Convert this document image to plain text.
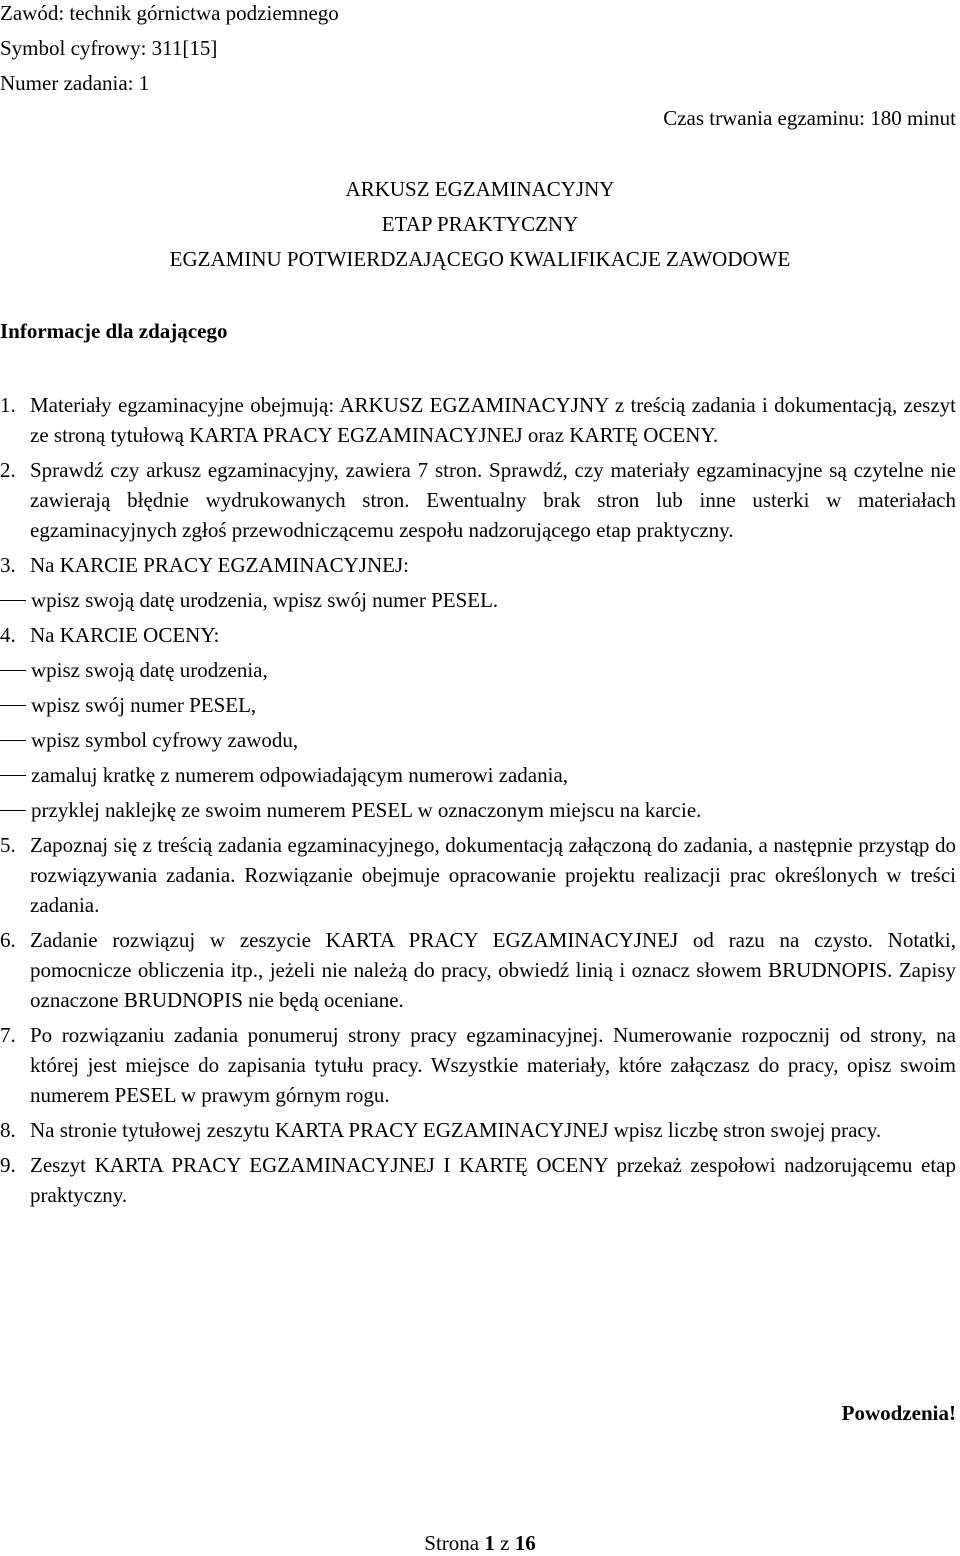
Zawód: technik górnictwa podziemnego
Symbol cyfrowy: 311[15]
Numer zadania: 1
Czas trwania egzaminu: 180 minut
ARKUSZ EGZAMINACYJNY
ETAP PRAKTYCZNY
EGZAMINU POTWIERDZAJĄCEGO KWALIFIKACJE ZAWODOWE
Informacje dla zdającego
1. Materiały egzaminacyjne obejmują: ARKUSZ EGZAMINACYJNY z treścią zadania i dokumentacją, zeszyt ze stroną tytułową KARTA PRACY EGZAMINACYJNEJ oraz KARTĘ OCENY.
2. Sprawdź czy arkusz egzaminacyjny, zawiera 7 stron. Sprawdź, czy materiały egzaminacyjne są czytelne nie zawierają błędnie wydrukowanych stron. Ewentualny brak stron lub inne usterki w materiałach egzaminacyjnych zgłoś przewodniczącemu zespołu nadzorującego etap praktyczny.
3. Na KARCIE PRACY EGZAMINACYJNEJ:
wpisz swoją datę urodzenia, wpisz swój numer PESEL.
4. Na KARCIE OCENY:
wpisz swoją datę urodzenia,
wpisz swój numer PESEL,
wpisz symbol cyfrowy zawodu,
zamaluj kratkę z numerem odpowiadającym numerowi zadania,
przyklej naklejkę ze swoim numerem PESEL w oznaczonym miejscu na karcie.
5. Zapoznaj się z treścią zadania egzaminacyjnego, dokumentacją załączoną do zadania, a następnie przystąp do rozwiązywania zadania. Rozwiązanie obejmuje opracowanie projektu realizacji prac określonych w treści zadania.
6. Zadanie rozwiązuj w zeszycie KARTA PRACY EGZAMINACYJNEJ od razu na czysto. Notatki, pomocnicze obliczenia itp., jeżeli nie należą do pracy, obwiedź linią i oznacz słowem BRUDNOPIS. Zapisy oznaczone BRUDNOPIS nie będą oceniane.
7. Po rozwiązaniu zadania ponumeruj strony pracy egzaminacyjnej. Numerowanie rozpocznij od strony, na której jest miejsce do zapisania tytułu pracy. Wszystkie materiały, które załączasz do pracy, opisz swoim numerem PESEL w prawym górnym rogu.
8. Na stronie tytułowej zeszytu KARTA PRACY EGZAMINACYJNEJ wpisz liczbę stron swojej pracy.
9. Zeszyt KARTA PRACY EGZAMINACYJNEJ I KARTĘ OCENY przekaż zespołowi nadzorującemu etap praktyczny.
Powodzenia!
Strona 1 z 16
